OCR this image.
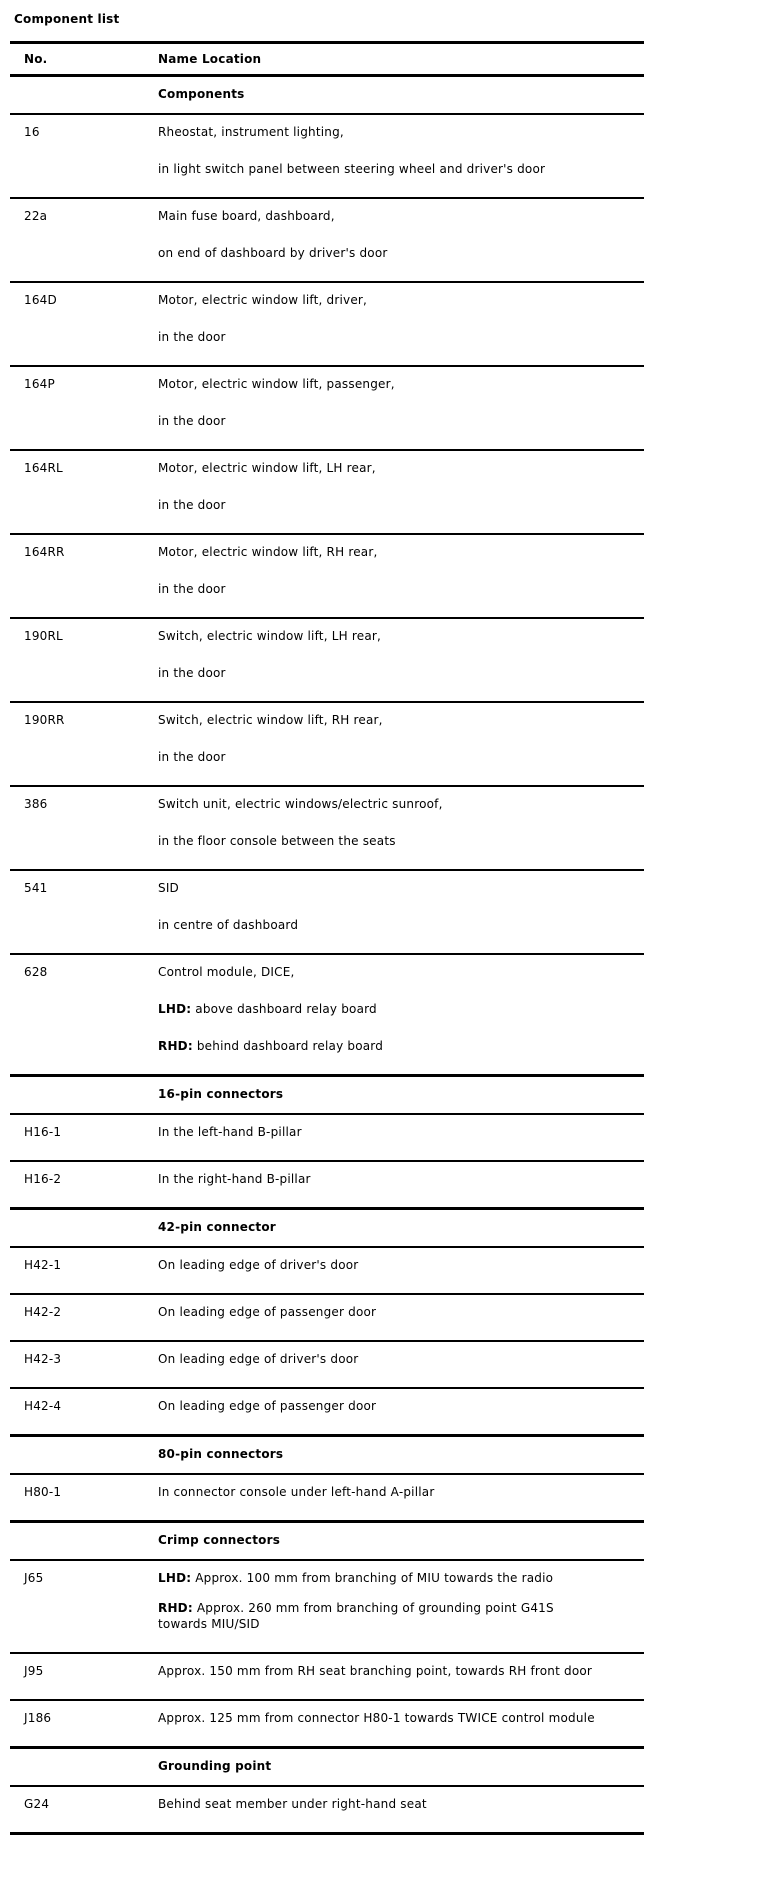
Component list
No.	Name Location
Components
16	Rheostat, instrument lighting,

in light switch panel between steering wheel and driver's door

22a	Main fuse board, dashboard,

on end of dashboard by driver's door

164D	Motor, electric window lift, driver,

in the door

164P	Motor, electric window lift, passenger,

in the door

164RL	Motor, electric window lift, LH rear,

in the door

164RR	Motor, electric window lift, RH rear,

in the door

190RL	Switch, electric window lift, LH rear,

in the door

190RR	Switch, electric window lift, RH rear,

in the door

386	Switch unit, electric windows/electric sunroof,

in the floor console between the seats

541	SID

in centre of dashboard

628	Control module, DICE,

LHD: above dashboard relay board

RHD: behind dashboard relay board

16-pin connectors
H16-1	In the left-hand B-pillar

H16-2	In the right-hand B-pillar

42-pin connector
H42-1	On leading edge of driver's door

H42-2	On leading edge of passenger door

H42-3	On leading edge of driver's door

H42-4	On leading edge of passenger door

80-pin connectors
H80-1	In connector console under left-hand A-pillar

Crimp connectors
J65	LHD: Approx. 100 mm from branching of MIU towards the radio

RHD: Approx. 260 mm from branching of grounding point G41S towards MIU/SID

J95	Approx. 150 mm from RH seat branching point, towards RH front door

J186	Approx. 125 mm from connector H80-1 towards TWICE control module

Grounding point
G24	Behind seat member under right-hand seat
